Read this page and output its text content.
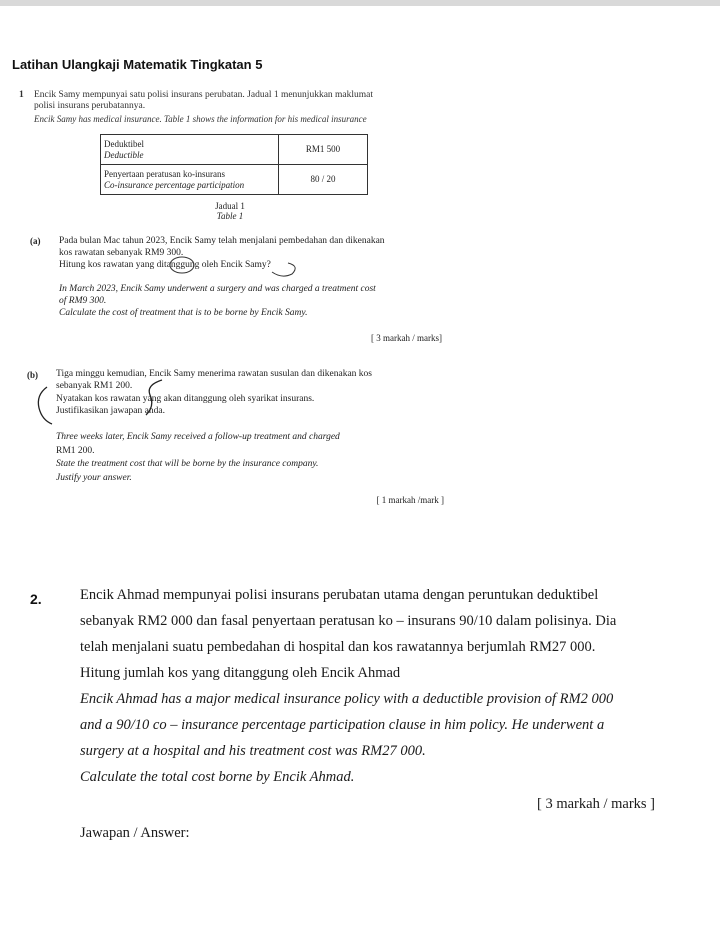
Latihan Ulangkaji Matematik Tingkatan 5
1 Encik Samy mempunyai satu polisi insurans perubatan. Jadual 1 menunjukkan maklumat
polisi insurans perubatannya.
Encik Samy has medical insurance. Table 1 shows the information for his medical insurance
Deduktibel
Deductible	RM1 500

Penyertaan peratusan ko-insurans
Co-insurance percentage participation	80 / 20
Jadual 1
Table 1
(a) Pada bulan Mac tahun 2023, Encik Samy telah menjalani pembedahan dan dikenakan
kos rawatan sebanyak RM9 300.
Hitung kos rawatan yang ditanggung oleh Encik Samy?
In March 2023, Encik Samy underwent a surgery and was charged a treatment cost
of RM9 300.
Calculate the cost of treatment that is to be borne by Encik Samy.
[ 3 markah / marks]
(b) Tiga minggu kemudian, Encik Samy menerima rawatan susulan dan dikenakan kos
sebanyak RM1 200.
Nyatakan kos rawatan yang akan ditanggung oleh syarikat insurans.
Justifikasikan jawapan anda.
Three weeks later, Encik Samy received a follow-up treatment and charged
RM1 200.
State the treatment cost that will be borne by the insurance company.
Justify your answer.
[ 1 markah /mark ]
2.	Encik Ahmad mempunyai polisi insurans perubatan utama dengan peruntukan deduktibel
sebanyak RM2 000 dan fasal penyertaan peratusan ko – insurans 90/10 dalam polisinya. Dia
telah menjalani suatu pembedahan di hospital dan kos rawatannya berjumlah RM27 000.
Hitung jumlah kos yang ditanggung oleh Encik Ahmad
Encik Ahmad has a major medical insurance policy with a deductible provision of RM2 000
and a 90/10 co – insurance percentage participation clause in him policy. He underwent a
surgery at a hospital and his treatment cost was RM27 000.
Calculate the total cost borne by Encik Ahmad.
[ 3 markah / marks ]
Jawapan / Answer:
